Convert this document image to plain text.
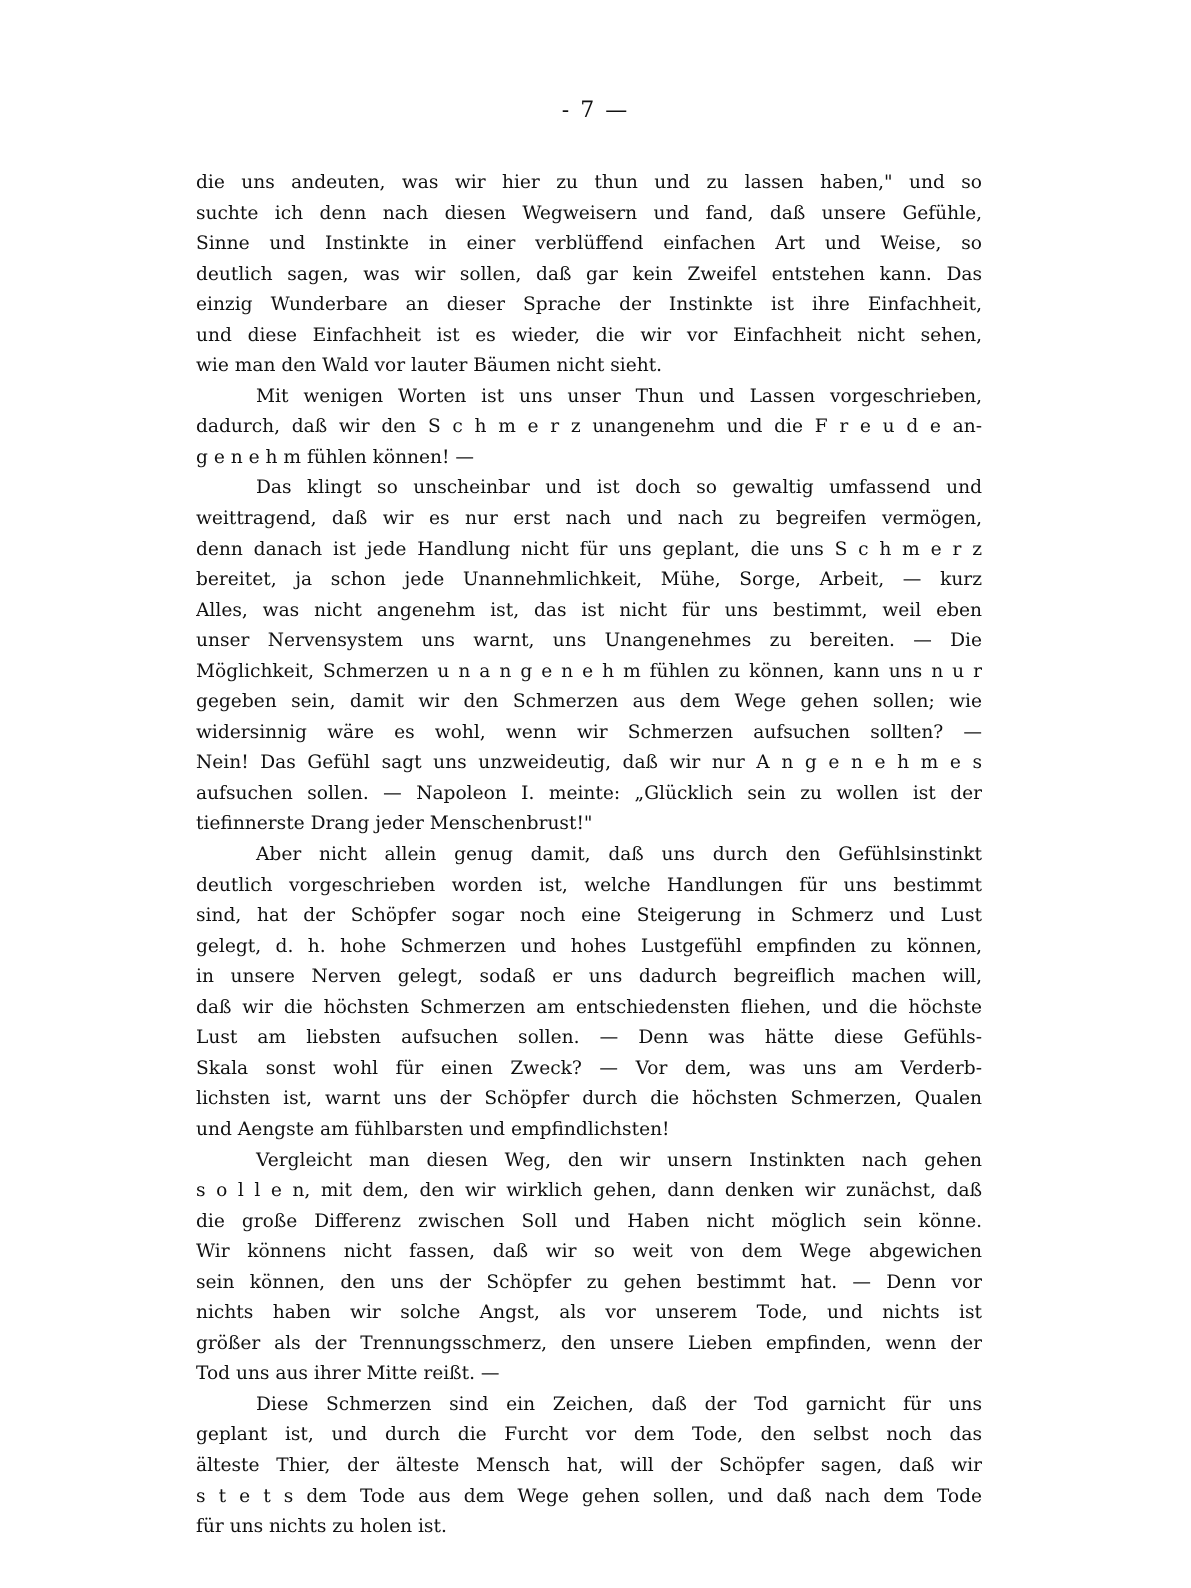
- 7 —
die uns andeuten, was wir hier zu thun und zu lassen haben," und so
suchte ich denn nach diesen Wegweisern und fand, daß unsere Gefühle,
Sinne und Instinkte in einer verblüffend einfachen Art und Weise, so
deutlich sagen, was wir sollen, daß gar kein Zweifel entstehen kann. Das
einzig Wunderbare an dieser Sprache der Instinkte ist ihre Einfachheit,
und diese Einfachheit ist es wieder, die wir vor Einfachheit nicht sehen,
wie man den Wald vor lauter Bäumen nicht sieht.
Mit wenigen Worten ist uns unser Thun und Lassen vorgeschrieben,
dadurch, daß wir den S c h m e r z unangenehm und die F r e u d e an-
g e n e h m fühlen können! —
Das klingt so unscheinbar und ist doch so gewaltig umfassend und
weittragend, daß wir es nur erst nach und nach zu begreifen vermögen,
denn danach ist jede Handlung nicht für uns geplant, die uns S c h m e r z
bereitet, ja schon jede Unannehmlichkeit, Mühe, Sorge, Arbeit, — kurz
Alles, was nicht angenehm ist, das ist nicht für uns bestimmt, weil eben
unser Nervensystem uns warnt, uns Unangenehmes zu bereiten. — Die
Möglichkeit, Schmerzen u n a n g e n e h m fühlen zu können, kann uns n u r
gegeben sein, damit wir den Schmerzen aus dem Wege gehen sollen; wie
widersinnig wäre es wohl, wenn wir Schmerzen aufsuchen sollten? —
Nein! Das Gefühl sagt uns unzweideutig, daß wir nur A n g e n e h m e s
aufsuchen sollen. — Napoleon I. meinte: „Glücklich sein zu wollen ist der
tiefinnerste Drang jeder Menschenbrust!"
Aber nicht allein genug damit, daß uns durch den Gefühlsinstinkt
deutlich vorgeschrieben worden ist, welche Handlungen für uns bestimmt
sind, hat der Schöpfer sogar noch eine Steigerung in Schmerz und Lust
gelegt, d. h. hohe Schmerzen und hohes Lustgefühl empfinden zu können,
in unsere Nerven gelegt, sodaß er uns dadurch begreiflich machen will,
daß wir die höchsten Schmerzen am entschiedensten fliehen, und die höchste
Lust am liebsten aufsuchen sollen. — Denn was hätte diese Gefühls-
Skala sonst wohl für einen Zweck? — Vor dem, was uns am Verderb-
lichsten ist, warnt uns der Schöpfer durch die höchsten Schmerzen, Qualen
und Aengste am fühlbarsten und empfindlichsten!
Vergleicht man diesen Weg, den wir unsern Instinkten nach gehen
s o l l e n, mit dem, den wir wirklich gehen, dann denken wir zunächst, daß
die große Differenz zwischen Soll und Haben nicht möglich sein könne.
Wir könnens nicht fassen, daß wir so weit von dem Wege abgewichen
sein können, den uns der Schöpfer zu gehen bestimmt hat. — Denn vor
nichts haben wir solche Angst, als vor unserem Tode, und nichts ist
größer als der Trennungsschmerz, den unsere Lieben empfinden, wenn der
Tod uns aus ihrer Mitte reißt. —
Diese Schmerzen sind ein Zeichen, daß der Tod garnicht für uns
geplant ist, und durch die Furcht vor dem Tode, den selbst noch das
älteste Thier, der älteste Mensch hat, will der Schöpfer sagen, daß wir
s t e t s dem Tode aus dem Wege gehen sollen, und daß nach dem Tode
für uns nichts zu holen ist.
